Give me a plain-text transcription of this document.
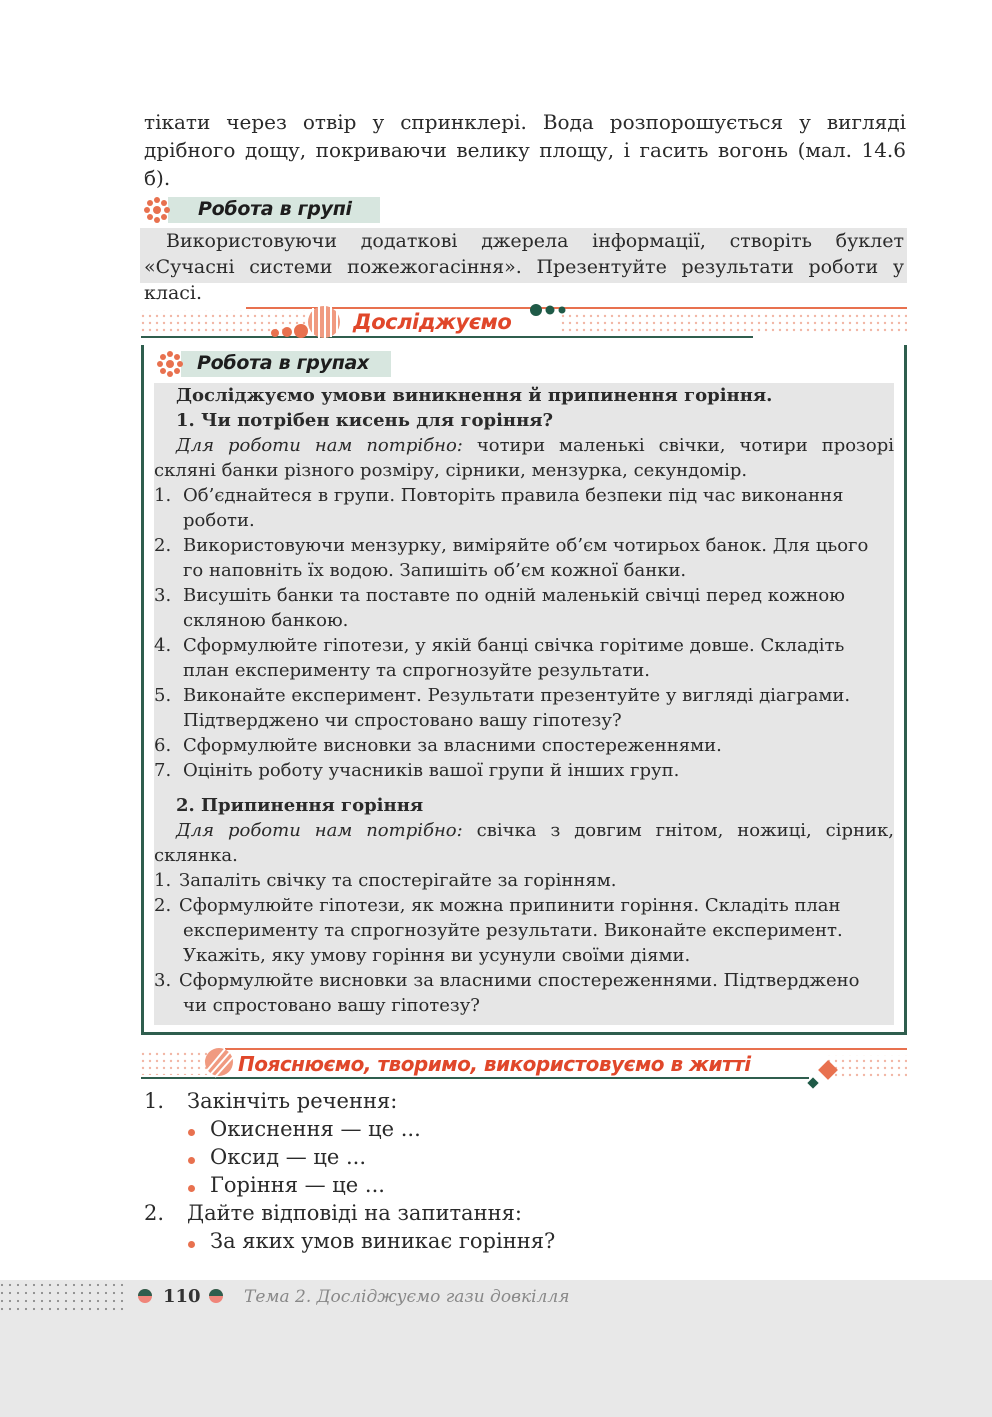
тікати через отвір у спринклері. Вода розпорошується у вигляді дрібного дощу, покриваючи велику площу, і гасить вогонь (мал. 14.6 б).
Робота в групі
Використовуючи додаткові джерела інформації, створіть буклет «Сучасні системи пожежогасіння». Презентуйте результати роботи у класі.
Досліджуємо
Робота в групах
Досліджуємо умови виникнення й припинення горіння.
1. Чи потрібен кисень для горіння?
Для роботи нам потрібно: чотири маленькі свічки, чотири прозорі скляні банки різного розміру, сірники, мензурка, секундомір.
1. Об’єднайтеся в групи. Повторіть правила безпеки під час виконання
роботи.
2. Використовуючи мензурку, виміряйте об’єм чотирьох банок. Для цього
го наповніть їх водою. Запишіть об’єм кожної банки.
3. Висушіть банки та поставте по одній маленькій свічці перед кожною
скляною банкою.
4. Сформулюйте гіпотези, у якій банці свічка горітиме довше. Складіть
план експерименту та спрогнозуйте результати.
5. Виконайте експеримент. Результати презентуйте у вигляді діаграми.
Підтверджено чи спростовано вашу гіпотезу?
6. Сформулюйте висновки за власними спостереженнями.
7. Оцініть роботу учасників вашої групи й інших груп.
2. Припинення горіння
Для роботи нам потрібно: свічка з довгим гнітом, ножиці, сірник, склянка.
1. Запаліть свічку та спостерігайте за горінням.
2. Сформулюйте гіпотези, як можна припинити горіння. Складіть план
експерименту та спрогнозуйте результати. Виконайте експеримент.
Укажіть, яку умову горіння ви усунули своїми діями.
3. Сформулюйте висновки за власними спостереженнями. Підтверджено
чи спростовано вашу гіпотезу?
Пояснюємо, творимо, використовуємо в житті
1. Закінчіть речення:
Окиснення — це ...
Оксид — це ...
Горіння — це ...
2. Дайте відповіді на запитання:
За яких умов виникає горіння?
110	Тема 2. Досліджуємо гази довкілля
